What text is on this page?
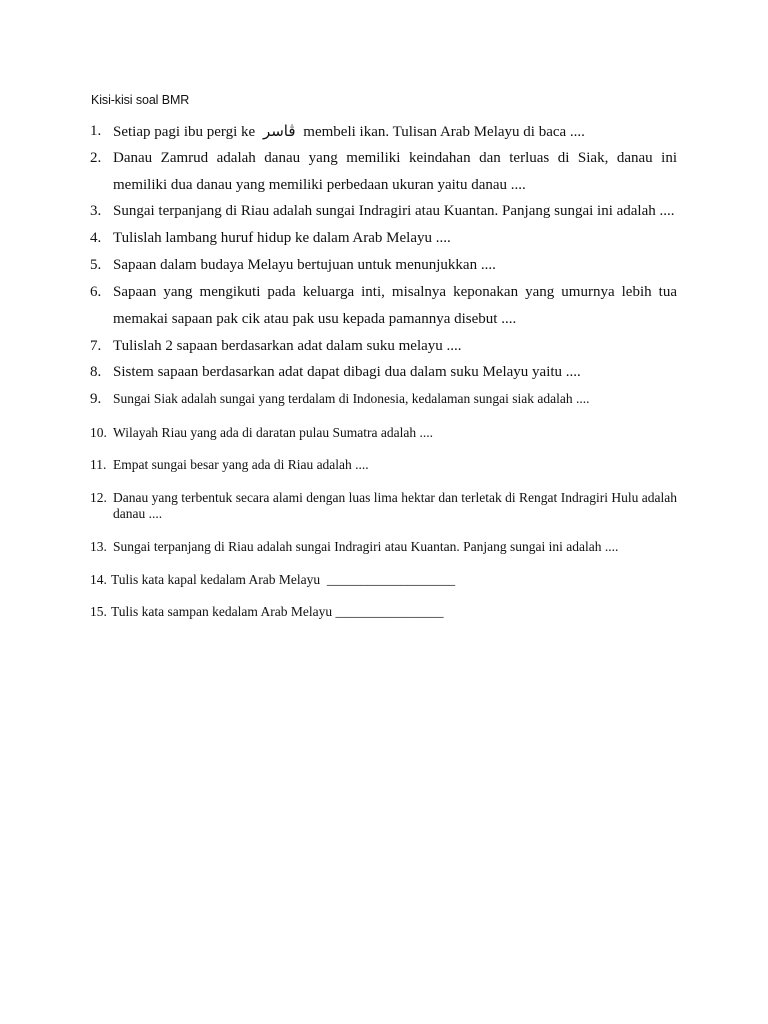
Kisi-kisi soal BMR
1. Setiap pagi ibu pergi ke ڤاسر membeli ikan. Tulisan Arab Melayu di baca ....
2. Danau Zamrud adalah danau yang memiliki keindahan dan terluas di Siak, danau ini memiliki dua danau yang memiliki perbedaan ukuran yaitu danau ....
3. Sungai terpanjang di Riau adalah sungai Indragiri atau Kuantan. Panjang sungai ini adalah ....
4. Tulislah lambang huruf hidup ke dalam Arab Melayu ....
5. Sapaan dalam budaya Melayu bertujuan untuk menunjukkan ....
6. Sapaan yang mengikuti pada keluarga inti, misalnya keponakan yang umurnya lebih tua memakai sapaan pak cik atau pak usu kepada pamannya disebut ....
7. Tulislah 2 sapaan berdasarkan adat dalam suku melayu ....
8. Sistem sapaan berdasarkan adat dapat dibagi dua dalam suku Melayu yaitu ....
9. Sungai Siak adalah sungai yang terdalam di Indonesia, kedalaman sungai siak adalah ....
10. Wilayah Riau yang ada di daratan pulau Sumatra adalah ....
11. Empat sungai besar yang ada di Riau adalah ....
12. Danau yang terbentuk secara alami dengan luas lima hektar dan terletak di Rengat Indragiri Hulu adalah danau ....
13. Sungai terpanjang di Riau adalah sungai Indragiri atau Kuantan. Panjang sungai ini adalah ....
14. Tulis kata kapal kedalam Arab Melayu ___________________
15. Tulis kata sampan kedalam Arab Melayu ________________
